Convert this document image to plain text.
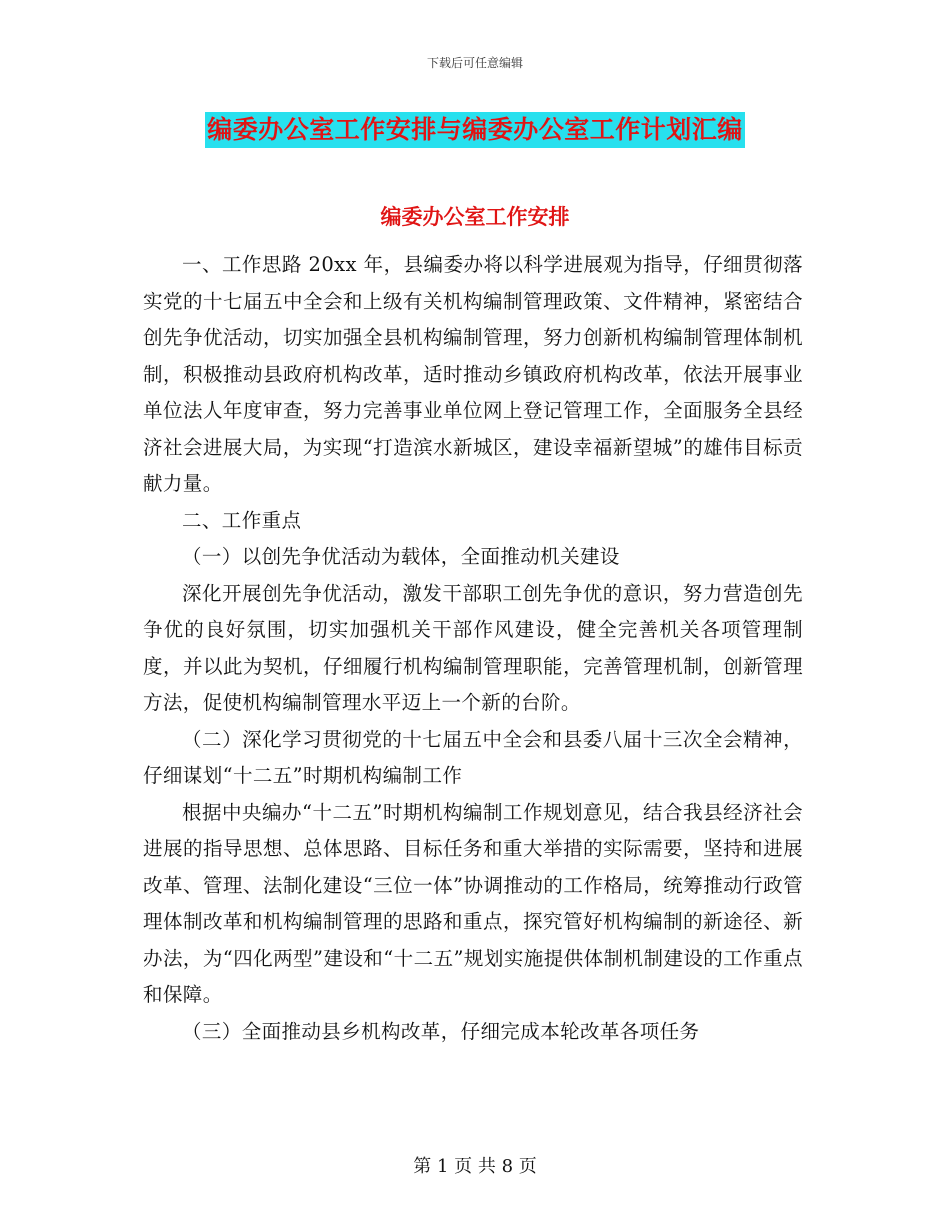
下载后可任意编辑
编委办公室工作安排与编委办公室工作计划汇编
编委办公室工作安排

一、工作思路 20xx 年，县编委办将以科学进展观为指导，仔细贯彻落实党的十七届五中全会和上级有关机构编制管理政策、文件精神，紧密结合创先争优活动，切实加强全县机构编制管理，努力创新机构编制管理体制机制，积极推动县政府机构改革，适时推动乡镇政府机构改革，依法开展事业单位法人年度审查，努力完善事业单位网上登记管理工作，全面服务全县经济社会进展大局，为实现“打造滨水新城区，建设幸福新望城”的雄伟目标贡献力量。

二、工作重点

（一）以创先争优活动为载体，全面推动机关建设

深化开展创先争优活动，激发干部职工创先争优的意识，努力营造创先争优的良好氛围，切实加强机关干部作风建设，健全完善机关各项管理制度，并以此为契机，仔细履行机构编制管理职能，完善管理机制，创新管理方法，促使机构编制管理水平迈上一个新的台阶。

（二）深化学习贯彻党的十七届五中全会和县委八届十三次全会精神，仔细谋划“十二五”时期机构编制工作

根据中央编办“十二五”时期机构编制工作规划意见，结合我县经济社会进展的指导思想、总体思路、目标任务和重大举措的实际需要，坚持和进展改革、管理、法制化建设“三位一体”协调推动的工作格局，统筹推动行政管理体制改革和机构编制管理的思路和重点，探究管好机构编制的新途径、新办法，为“四化两型”建设和“十二五”规划实施提供体制机制建设的工作重点和保障。

（三）全面推动县乡机构改革，仔细完成本轮改革各项任务

第 1 页 共 8 页
